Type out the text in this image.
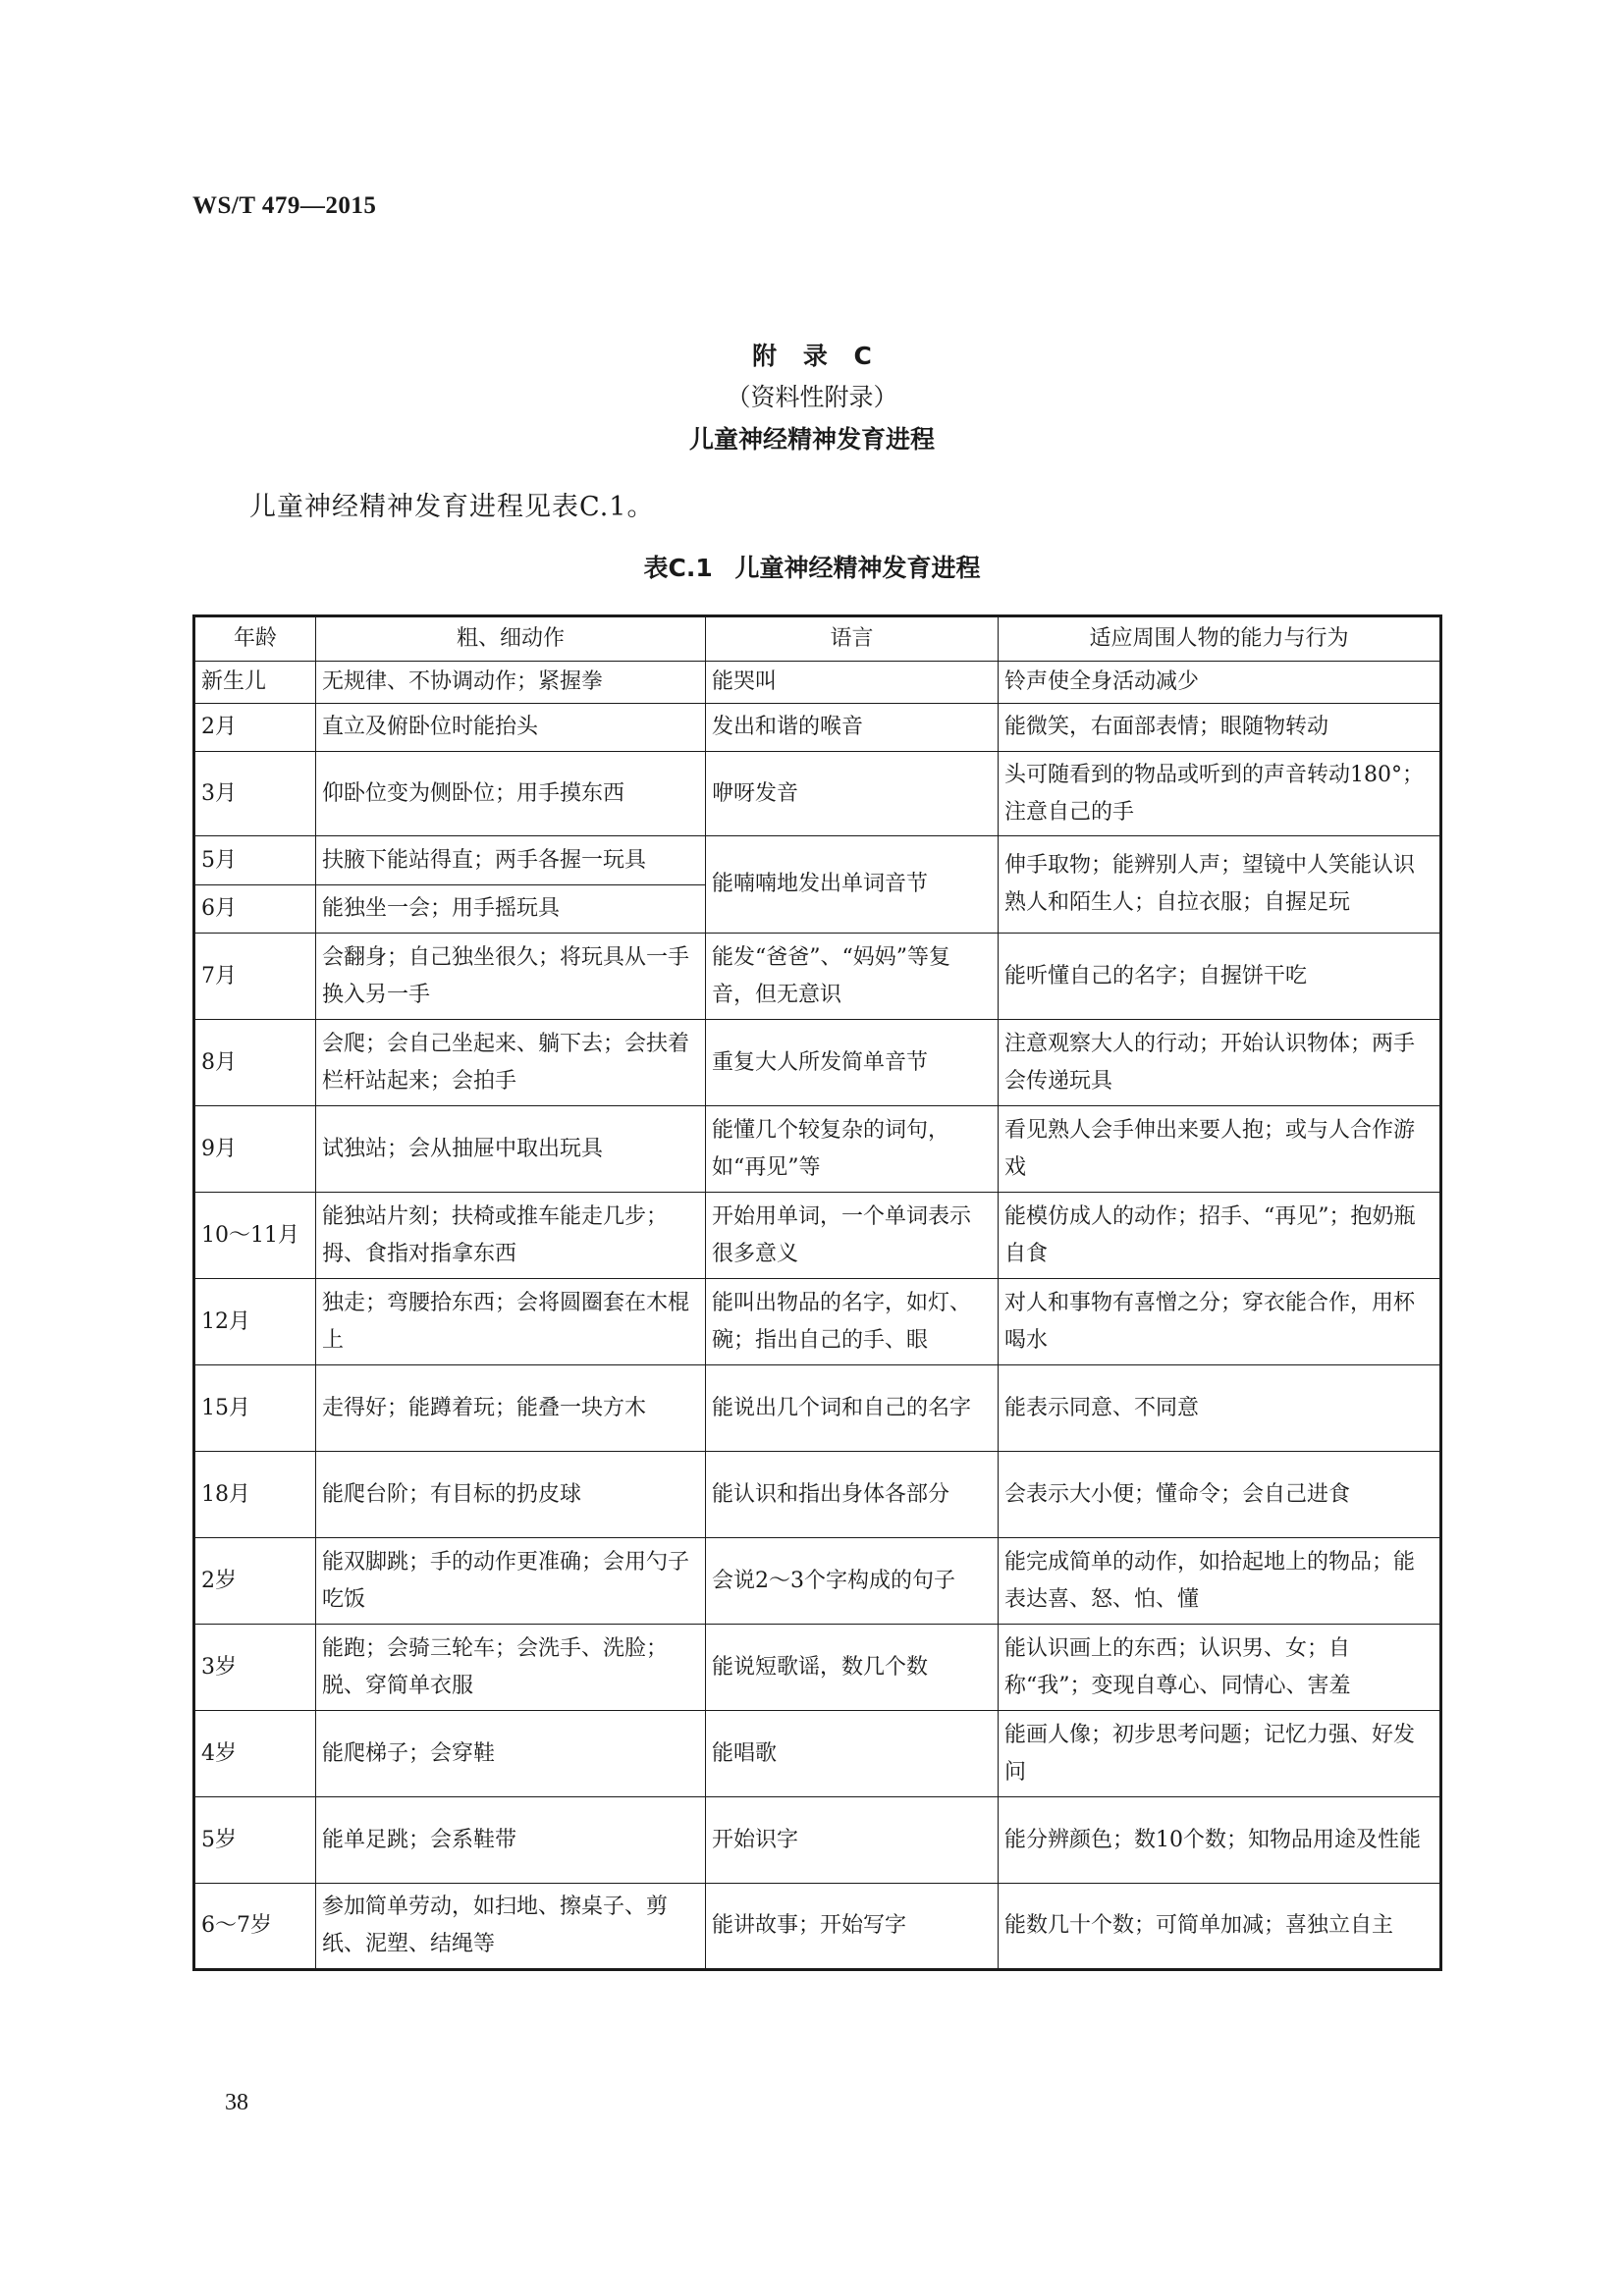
WS/T 479—2015
附 录 C
（资料性附录）
儿童神经精神发育进程
儿童神经精神发育进程见表C.1。
表C.1 儿童神经精神发育进程
年龄	粗、细动作	语言	适应周围人物的能力与行为
新生儿	无规律、不协调动作；紧握拳	能哭叫	铃声使全身活动减少
2月	直立及俯卧位时能抬头	发出和谐的喉音	能微笑，右面部表情；眼随物转动
3月	仰卧位变为侧卧位；用手摸东西	咿呀发音	头可随看到的物品或听到的声音转动180°；注意自己的手
5月	扶腋下能站得直；两手各握一玩具	能喃喃地发出单词音节	伸手取物；能辨别人声；望镜中人笑能认识熟人和陌生人；自拉衣服；自握足玩
6月	能独坐一会；用手摇玩具		
7月	会翻身；自己独坐很久；将玩具从一手换入另一手	能发“爸爸”、“妈妈”等复音，但无意识	能听懂自己的名字；自握饼干吃
8月	会爬；会自己坐起来、躺下去；会扶着栏杆站起来；会拍手	重复大人所发简单音节	注意观察大人的行动；开始认识物体；两手会传递玩具
9月	试独站；会从抽屉中取出玩具	能懂几个较复杂的词句，如“再见”等	看见熟人会手伸出来要人抱；或与人合作游戏
10～11月	能独站片刻；扶椅或推车能走几步；拇、食指对指拿东西	开始用单词，一个单词表示很多意义	能模仿成人的动作；招手、“再见”；抱奶瓶自食
12月	独走；弯腰拾东西；会将圆圈套在木棍上	能叫出物品的名字，如灯、碗；指出自己的手、眼	对人和事物有喜憎之分；穿衣能合作，用杯喝水
15月	走得好；能蹲着玩；能叠一块方木	能说出几个词和自己的名字	能表示同意、不同意
18月	能爬台阶；有目标的扔皮球	能认识和指出身体各部分	会表示大小便；懂命令；会自己进食
2岁	能双脚跳；手的动作更准确；会用勺子吃饭	会说2～3个字构成的句子	能完成简单的动作，如拾起地上的物品；能表达喜、怒、怕、懂
3岁	能跑；会骑三轮车；会洗手、洗脸；脱、穿简单衣服	能说短歌谣，数几个数	能认识画上的东西；认识男、女；自称“我”；变现自尊心、同情心、害羞
4岁	能爬梯子；会穿鞋	能唱歌	能画人像；初步思考问题；记忆力强、好发问
5岁	能单足跳；会系鞋带	开始识字	能分辨颜色；数10个数；知物品用途及性能
6～7岁	参加简单劳动，如扫地、擦桌子、剪纸、泥塑、结绳等	能讲故事；开始写字	能数几十个数；可简单加减；喜独立自主
38
